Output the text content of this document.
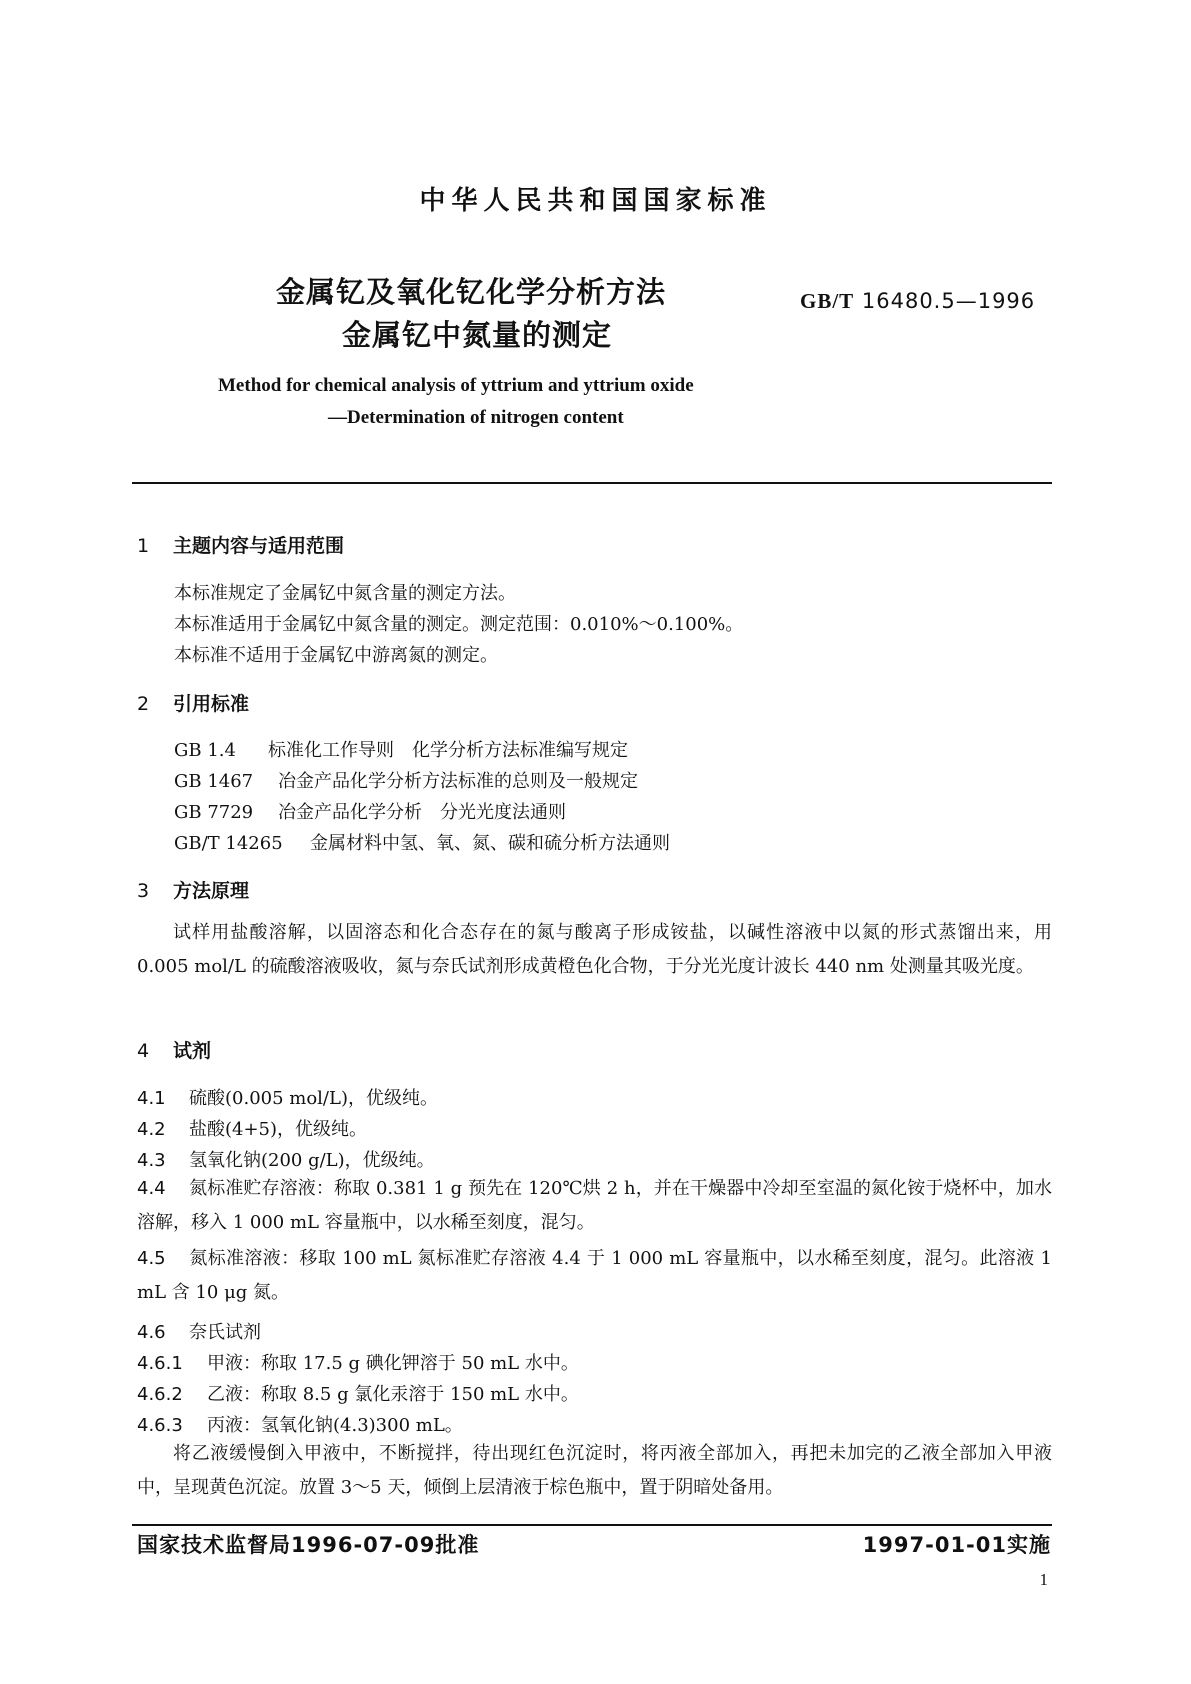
中华人民共和国国家标准
金属钇及氧化钇化学分析方法
金属钇中氮量的测定
GB/T 16480.5—1996
Method for chemical analysis of yttrium and yttrium oxide
—Determination of nitrogen content
1 主题内容与适用范围
本标准规定了金属钇中氮含量的测定方法。
本标准适用于金属钇中氮含量的测定。测定范围：0.010%～0.100%。
本标准不适用于金属钇中游离氮的测定。
2 引用标准
GB 1.4 标准化工作导则　化学分析方法标准编写规定
GB 1467 冶金产品化学分析方法标准的总则及一般规定
GB 7729 冶金产品化学分析　分光光度法通则
GB/T 14265 金属材料中氢、氧、氮、碳和硫分析方法通则
3 方法原理
试样用盐酸溶解，以固溶态和化合态存在的氮与酸离子形成铵盐，以碱性溶液中以氮的形式蒸馏出来，用 0.005 mol/L 的硫酸溶液吸收，氮与奈氏试剂形成黄橙色化合物，于分光光度计波长 440 nm 处测量其吸光度。
4 试剂
4.1 硫酸(0.005 mol/L)，优级纯。
4.2 盐酸(4+5)，优级纯。
4.3 氢氧化钠(200 g/L)，优级纯。
4.4 氮标准贮存溶液：称取 0.381 1 g 预先在 120℃烘 2 h，并在干燥器中冷却至室温的氮化铵于烧杯中，加水溶解，移入 1 000 mL 容量瓶中，以水稀至刻度，混匀。
4.5 氮标准溶液：移取 100 mL 氮标准贮存溶液 4.4 于 1 000 mL 容量瓶中，以水稀至刻度，混匀。此溶液 1 mL 含 10 μg 氮。
4.6 奈氏试剂
4.6.1 甲液：称取 17.5 g 碘化钾溶于 50 mL 水中。
4.6.2 乙液：称取 8.5 g 氯化汞溶于 150 mL 水中。
4.6.3 丙液：氢氧化钠(4.3)300 mL。
将乙液缓慢倒入甲液中，不断搅拌，待出现红色沉淀时，将丙液全部加入，再把未加完的乙液全部加入甲液中，呈现黄色沉淀。放置 3～5 天，倾倒上层清液于棕色瓶中，置于阴暗处备用。
国家技术监督局1996-07-09批准	1997-01-01实施
1
